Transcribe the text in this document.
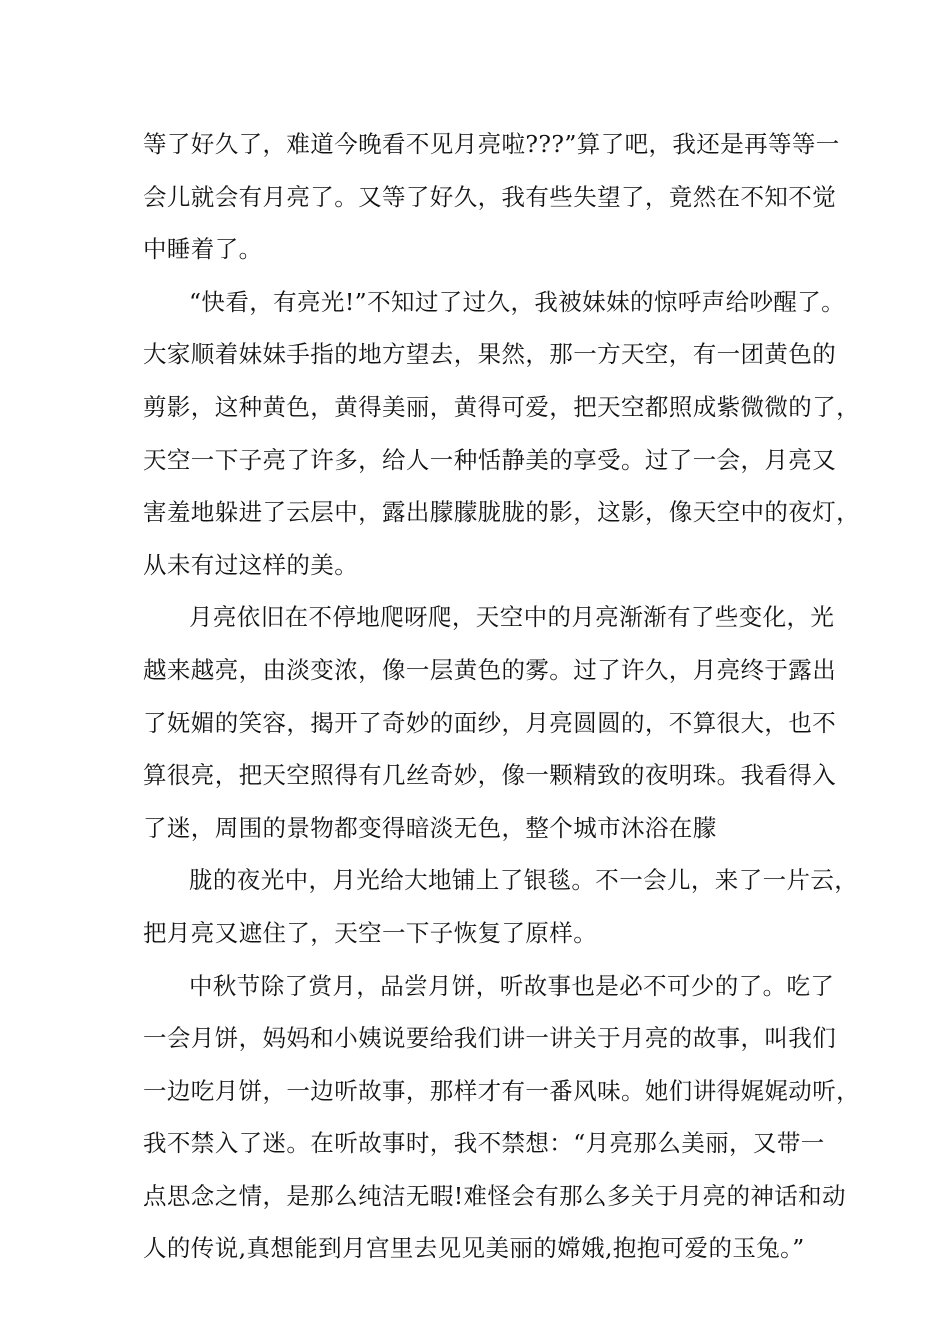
等了好久了，难道今晚看不见月亮啦???”算了吧，我还是再等等一
会儿就会有月亮了。又等了好久，我有些失望了，竟然在不知不觉
中睡着了。
“快看，有亮光!”不知过了过久，我被妹妹的惊呼声给吵醒了。
大家顺着妹妹手指的地方望去，果然，那一方天空，有一团黄色的
剪影，这种黄色，黄得美丽，黄得可爱，把天空都照成紫微微的了，
天空一下子亮了许多，给人一种恬静美的享受。过了一会，月亮又
害羞地躲进了云层中，露出朦朦胧胧的影，这影，像天空中的夜灯，
从未有过这样的美。
月亮依旧在不停地爬呀爬，天空中的月亮渐渐有了些变化，光
越来越亮，由淡变浓，像一层黄色的雾。过了许久，月亮终于露出
了妩媚的笑容，揭开了奇妙的面纱，月亮圆圆的，不算很大，也不
算很亮，把天空照得有几丝奇妙，像一颗精致的夜明珠。我看得入
了迷，周围的景物都变得暗淡无色，整个城市沐浴在朦
胧的夜光中，月光给大地铺上了银毯。不一会儿，来了一片云，
把月亮又遮住了，天空一下子恢复了原样。
中秋节除了赏月，品尝月饼，听故事也是必不可少的了。吃了
一会月饼，妈妈和小姨说要给我们讲一讲关于月亮的故事，叫我们
一边吃月饼，一边听故事，那样才有一番风味。她们讲得娓娓动听，
我不禁入了迷。在听故事时，我不禁想：“月亮那么美丽，又带一
点思念之情，是那么纯洁无暇!难怪会有那么多关于月亮的神话和动
人的传说,真想能到月宫里去见见美丽的嫦娥,抱抱可爱的玉兔。”
